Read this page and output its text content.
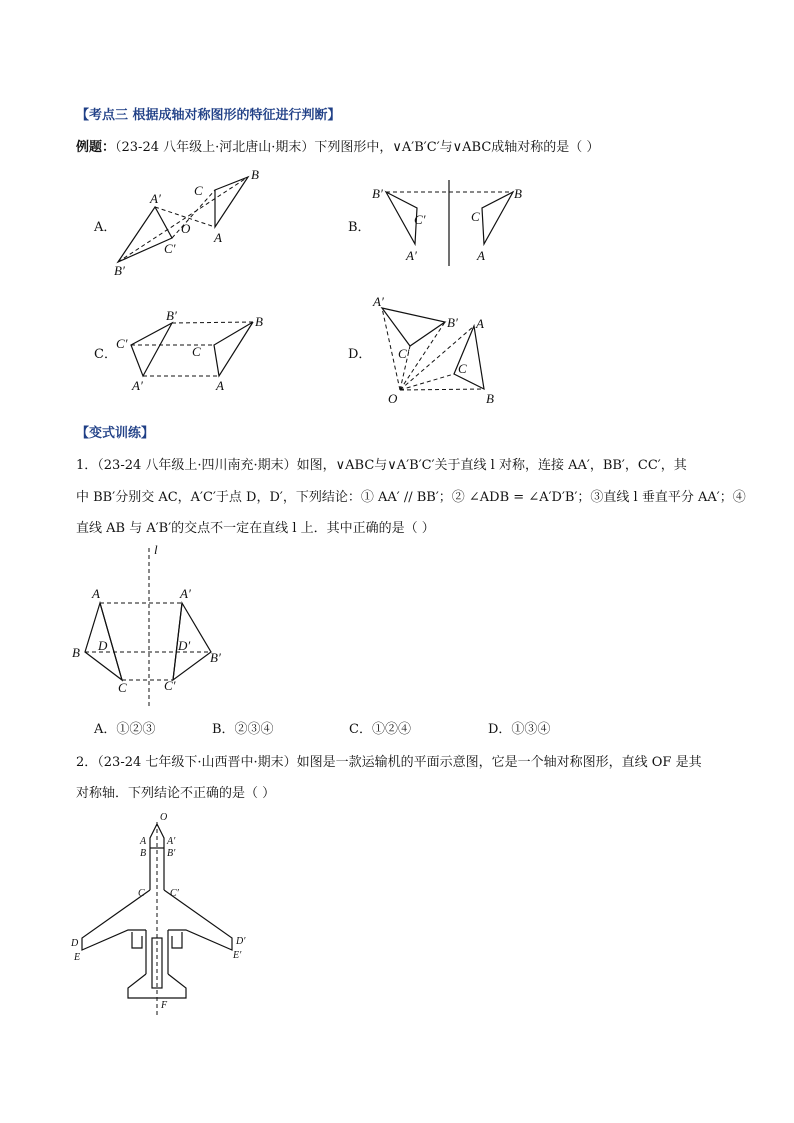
【考点三 根据成轴对称图形的特征进行判断】
例题：（23-24 八年级上·河北唐山·期末）下列图形中，∨A′B′C′与∨ABC成轴对称的是（ ）
A．	B．
C．	D．
A′
C′
B′
O
C
B
A
B′
C′
A′
C
A
B
C′
B′
A′
C
A
B
A′
B′
C′
A
C
B
O
【变式训练】
1．（23-24 八年级上·四川南充·期末）如图，∨ABC与∨A′B′C′关于直线 l 对称，连接 AA′，BB′，CC′，其
中 BB′分别交 AC，A′C′于点 D，D′，下列结论：① AA′ // BB′；② ∠ADB = ∠A′D′B′；③直线 l 垂直平分 AA′；④
直线 AB 与 A′B′的交点不一定在直线 l 上．其中正确的是（ ）
l
A	A′
B	B′
D	D′
C	C′
A．①②③	B．②③④	C．①②④	D．①③④
2．（23-24 七年级下·山西晋中·期末）如图是一款运输机的平面示意图，它是一个轴对称图形，直线 OF 是其
对称轴．下列结论不正确的是（ ）
O
A A′
B B′
C	C′
D	D′
E	E′
F
